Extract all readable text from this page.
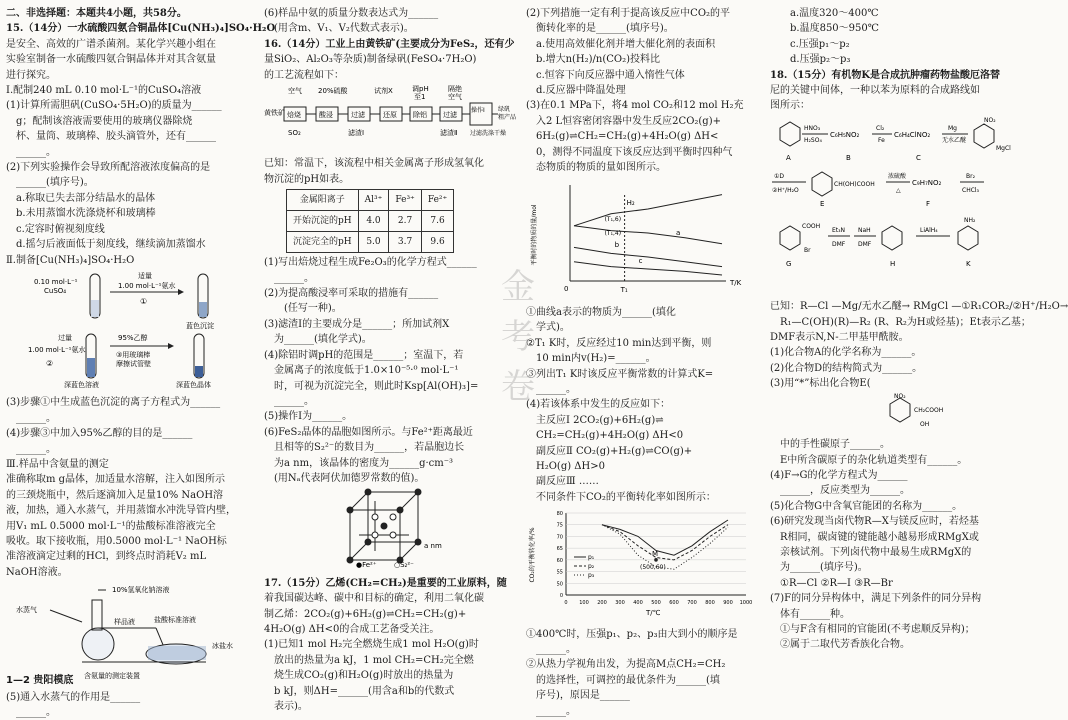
二、非选择题：本题共4小题，共58分。
15.（14分）一水硫酸四氨合铜晶体[Cu(NH₃)₄]SO₄·H₂O
是安全、高效的广谱杀菌剂。某化学兴趣小组在
实验室制备一水硫酸四氨合铜晶体并对其含氨量
进行探究。
Ⅰ.配制240 mL 0.10 mol·L⁻¹的CuSO₄溶液
(1)计算所需胆矾(CuSO₄·5H₂O)的质量为______
g；配制该溶液需要使用的玻璃仪器除烧
杯、量筒、玻璃棒、胶头滴管外，还有______
______。
(2)下列实验操作会导致所配溶液浓度偏高的是
______(填序号)。
a.称取已失去部分结晶水的晶体
b.未用蒸馏水洗涤烧杯和玻璃棒
c.定容时俯视刻度线
d.摇匀后液面低于刻度线，继续滴加蒸馏水
Ⅱ.制备[Cu(NH₃)₄]SO₄·H₂O
0.10 mol·L⁻¹
CuSO₄
适量
1.00 mol·L⁻¹氨水
①
蓝色沉淀
过量
1.00 mol·L⁻¹氨水
②
95%乙醇
③用玻璃棒
摩擦试管壁
深蓝色溶液	深蓝色晶体
(3)步骤①中生成蓝色沉淀的离子方程式为______
______。
(4)步骤③中加入95%乙醇的目的是______
______。
Ⅲ.样品中含氨量的测定
准确称取m g晶体，加适量水溶解，注入如图所示
的三颈烧瓶中，然后逐滴加入足量10% NaOH溶
液，加热，通入水蒸气，并用蒸馏水冲洗导管内壁，
用V₁ mL 0.5000 mol·L⁻¹的盐酸标准溶液完全
吸收。取下接收瓶，用0.5000 mol·L⁻¹ NaOH标
准溶液滴定过剩的HCl，到终点时消耗V₂ mL
NaOH溶液。
10%氢氧化钠溶液
水蒸气
样品液	盐酸标准溶液
冰盐水
含氨量的测定装置
(5)通入水蒸气的作用是______
______。
(6)样品中氨的质量分数表达式为______
(用含m、V₁、V₂代数式表示)。
16.（14分）工业上由黄铁矿(主要成分为FeS₂，还有少
量SiO₂、Al₂O₃等杂质)制备绿矾(FeSO₄·7H₂O)
的工艺流程如下：
空气 20%硫酸	试剂X	调pH
至1
隔绝
空气
黄铁矿 焙烧	酸浸	过滤	还原 除铝 过滤
操作Ⅰ 绿矾
粗产品
SO₂	滤渣Ⅰ	滤渣Ⅱ 过滤洗涤干燥
已知：常温下，该流程中相关金属离子形成氢氧化
物沉淀的pH如表。
金属阳离子	Al³⁺	Fe³⁺	Fe²⁺
开始沉淀的pH	4.0	2.7	7.6
沉淀完全的pH	5.0	3.7	9.6
(1)写出焙烧过程生成Fe₂O₃的化学方程式______
______。
(2)为提高酸浸率可采取的措施有______
(任写一种)。
(3)滤渣Ⅰ的主要成分是______；所加试剂X
为______(填化学式)。
(4)除铝时调pH的范围是______；室温下，若
金属离子的浓度低于1.0×10⁻⁵·⁰ mol·L⁻¹
时，可视为沉淀完全，则此时Ksp[Al(OH)₃]=
______。
(5)操作Ⅰ为______。
(6)FeS₂晶体的晶胞如图所示。与Fe²⁺距离最近
且相等的S₂²⁻的数目为______，若晶胞边长
为a nm，该晶体的密度为______g·cm⁻³
(用Nₐ代表阿伏加德罗常数的值)。
a nm
●Fe²⁺ ○S₂²⁻
17.（15分）乙烯(CH₂=CH₂)是重要的工业原料，随
着我国碳达峰、碳中和目标的确定，利用二氧化碳
制乙烯：2CO₂(g)+6H₂(g)⇌CH₂=CH₂(g)+
4H₂O(g) ΔH<0的合成工艺备受关注。
(1)已知1 mol H₂完全燃烧生成1 mol H₂O(g)时
放出的热量为a kJ，1 mol CH₂=CH₂完全燃
烧生成CO₂(g)和H₂O(g)时放出的热量为
b kJ，则ΔH=______(用含a和b的代数式
表示)。
(2)下列措施一定有利于提高该反应中CO₂的平
衡转化率的是______(填序号)。
a.使用高效催化剂并增大催化剂的表面积
b.增大n(H₂)/n(CO₂)投料比
c.恒容下向反应器中通入惰性气体
d.反应器中降温处理
(3)在0.1 MPa下，将4 mol CO₂和12 mol H₂充
入2 L恒容密闭容器中发生反应2CO₂(g)+
6H₂(g)⇌CH₂=CH₂(g)+4H₂O(g) ΔH<
0，测得不同温度下该反应达到平衡时四种气
态物质的物质的量如图所示。
平衡时的物质的量/mol
T/K
0	T₁
H₂
(T₁,6)
(T₁,4)	a
b
c
①曲线a表示的物质为______(填化
学式)。
②T₁ K时，反应经过10 min达到平衡，则
10 min内v(H₂)=______。
③列出T₁ K时该反应平衡常数的计算式K=
______。
(4)若该体系中发生的反应如下：
主反应Ⅰ 2CO₂(g)+6H₂(g)⇌
CH₂=CH₂(g)+4H₂O(g) ΔH<0
副反应Ⅱ CO₂(g)+H₂(g)⇌CO(g)+
H₂O(g) ΔH>0
副反应Ⅲ ……
不同条件下CO₂的平衡转化率如图所示：
CO₂的平衡转化率/%
T/℃
0 100 200 300 400 500 600 700 800 900 1000
0
50
55
60
65
70
75
80
p₁
p₂
p₃
M
(500,60)
①400℃时，压强p₁、p₂、p₃由大到小的顺序是
______。
②从热力学视角出发，为提高M点CH₂=CH₂
的选择性，可调控的最优条件为______(填
序号)，原因是______
______。
a.温度320～400℃
b.温度850～950℃
c.压强p₁～p₂
d.压强p₂～p₃
18.（15分）有机物K是合成抗肿瘤药物盐酸厄洛替
尼的关键中间体，一种以苯为原料的合成路线如
图所示：
HNO₃
H₂SO₄
C₆H₅NO₂
Cl₂
Fe
C₆H₄ClNO₂
Mg
无水乙醚
NO₂
MgCl
A	B	C
①D
②H⁺/H₂O
CH(OH)COOH
E
浓硫酸
△
C₉H₇NO₂
Br₂
CHCl₃
F
COOH
Br
G
Et₃N
DMF
NaH
DMF
H
LiAlH₄
NH₂
K
已知：R—Cl —Mg/无水乙醚→ RMgCl —①R₁COR₂/②H⁺/H₂O→
R₁—C(OH)(R)—R₂ (R、R₂为H或烃基)；Et表示乙基；
DMF表示N,N-二甲基甲酰胺。
(1)化合物A的化学名称为______。
(2)化合物D的结构简式为______。
(3)用“*”标出化合物E(
NO₂
CH₂COOH
OH
中的手性碳原子______。
E中所含碳原子的杂化轨道类型有______。
(4)F→G的化学方程式为______
______，反应类型为______。
(5)化合物G中含氧官能团的名称为______。
(6)研究发现当卤代物R—X与镁反应时，若烃基
R相同，碳卤键的键能越小越易形成RMgX或
亲核试剂。下列卤代物中最易生成RMgX的
为______(填序号)。
①R—Cl ②R—I ③R—Br
(7)F的同分异构体中，满足下列条件的同分异构
体有______种。
①与F含有相同的官能团(不考虑顺反异构)；
②属于二取代芳香族化合物。
金考卷
1—2 贵阳模底
